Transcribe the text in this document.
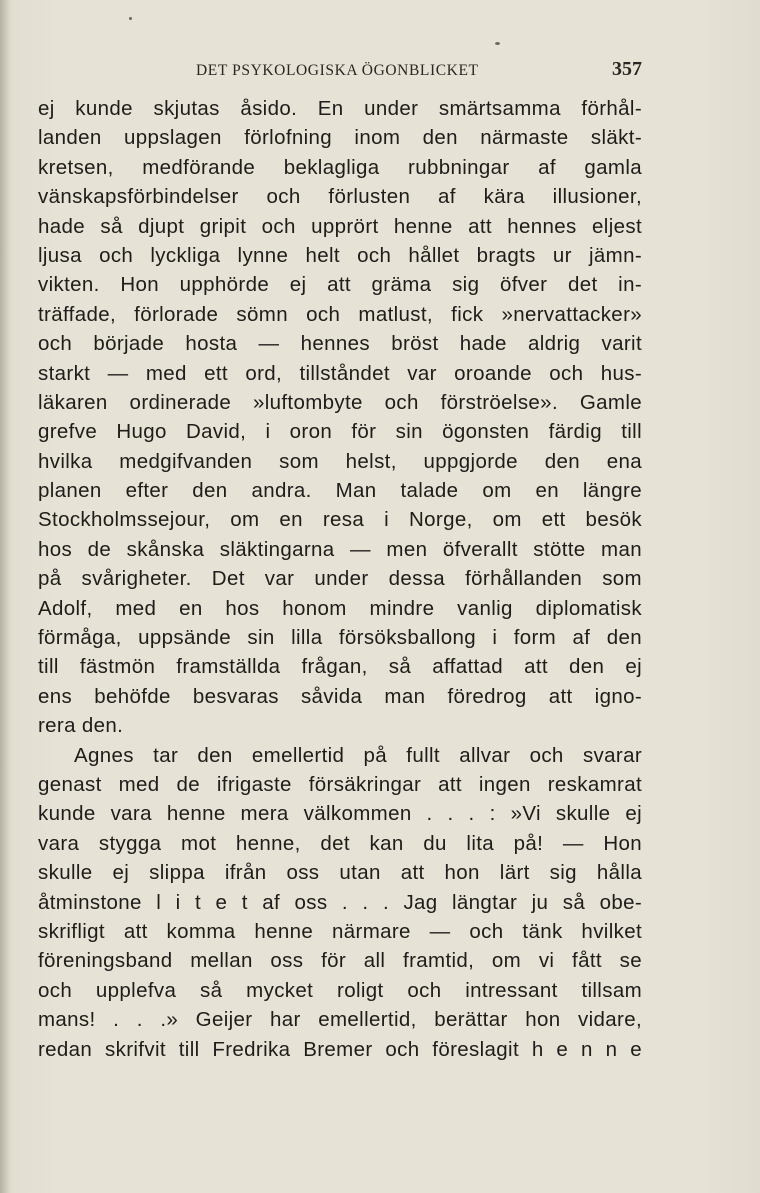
DET PSYKOLOGISKA ÖGONBLICKET	357
ej kunde skjutas åsido. En under smärtsamma förhål-
landen uppslagen förlofning inom den närmaste släkt-
kretsen, medförande beklagliga rubbningar af gamla
vänskapsförbindelser och förlusten af kära illusioner,
hade så djupt gripit och upprört henne att hennes eljest
ljusa och lyckliga lynne helt och hållet bragts ur jämn-
vikten. Hon upphörde ej att gräma sig öfver det in-
träffade, förlorade sömn och matlust, fick »nervattacker»
och började hosta — hennes bröst hade aldrig varit
starkt — med ett ord, tillståndet var oroande och hus-
läkaren ordinerade »luftombyte och förströelse». Gamle
grefve Hugo David, i oron för sin ögonsten färdig till
hvilka medgifvanden som helst, uppgjorde den ena
planen efter den andra. Man talade om en längre
Stockholmssejour, om en resa i Norge, om ett besök
hos de skånska släktingarna — men öfverallt stötte man
på svårigheter. Det var under dessa förhållanden som
Adolf, med en hos honom mindre vanlig diplomatisk
förmåga, uppsände sin lilla försöksballong i form af den
till fästmön framställda frågan, så affattad att den ej
ens behöfde besvaras såvida man föredrog att igno-
rera den.
Agnes tar den emellertid på fullt allvar och svarar
genast med de ifrigaste försäkringar att ingen reskamrat
kunde vara henne mera välkommen . . . : »Vi skulle ej
vara stygga mot henne, det kan du lita på! — Hon
skulle ej slippa ifrån oss utan att hon lärt sig hålla
åtminstone l i t e t af oss . . . Jag längtar ju så obe-
skrifligt att komma henne närmare — och tänk hvilket
föreningsband mellan oss för all framtid, om vi fått se
och upplefva så mycket roligt och intressant tillsam
mans! . . .» Geijer har emellertid, berättar hon vidare,
redan skrifvit till Fredrika Bremer och föreslagit h e n n e
